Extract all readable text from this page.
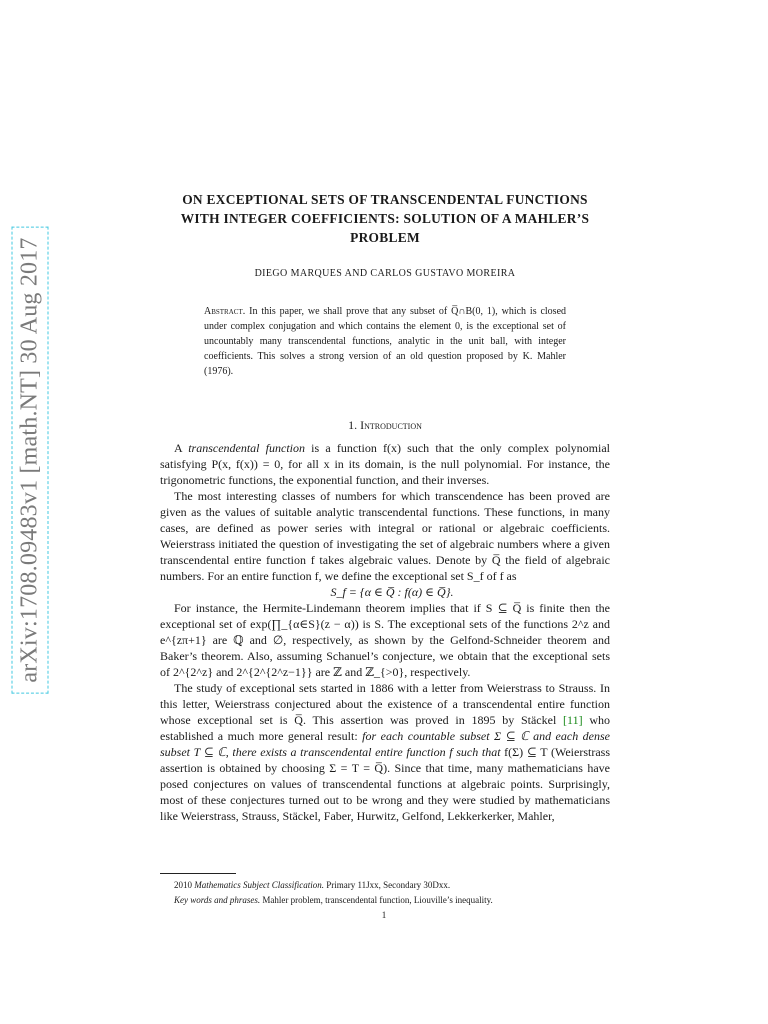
arXiv:1708.09483v1 [math.NT] 30 Aug 2017
ON EXCEPTIONAL SETS OF TRANSCENDENTAL FUNCTIONS
WITH INTEGER COEFFICIENTS: SOLUTION OF A MAHLER’S
PROBLEM
DIEGO MARQUES AND CARLOS GUSTAVO MOREIRA
Abstract. In this paper, we shall prove that any subset of Q̅∩B(0, 1), which is closed under complex conjugation and which contains the element 0, is the exceptional set of uncountably many transcendental functions, analytic in the unit ball, with integer coefficients. This solves a strong version of an old question proposed by K. Mahler (1976).
1. Introduction

A transcendental function is a function f(x) such that the only complex polynomial satisfying P(x, f(x)) = 0, for all x in its domain, is the null polynomial. For instance, the trigonometric functions, the exponential function, and their inverses.

The most interesting classes of numbers for which transcendence has been proved are given as the values of suitable analytic transcendental functions. These functions, in many cases, are defined as power series with integral or rational or algebraic coefficients. Weierstrass initiated the question of investigating the set of algebraic numbers where a given transcendental entire function f takes algebraic values. Denote by Q̅ the field of algebraic numbers. For an entire function f, we define the exceptional set S_f of f as

S_f = {α ∈ Q̅ : f(α) ∈ Q̅}.

For instance, the Hermite-Lindemann theorem implies that if S ⊆ Q̅ is finite then the exceptional set of exp(∏_{α∈S}(z − α)) is S. The exceptional sets of the functions 2^z and e^{zπ+1} are ℚ and ∅, respectively, as shown by the Gelfond-Schneider theorem and Baker’s theorem. Also, assuming Schanuel’s conjecture, we obtain that the exceptional sets of 2^{2^z} and 2^{2^{2^z−1}} are ℤ and ℤ_{>0}, respectively.

The study of exceptional sets started in 1886 with a letter from Weierstrass to Strauss. In this letter, Weierstrass conjectured about the existence of a transcendental entire function whose exceptional set is Q̅. This assertion was proved in 1895 by Stäckel [11] who established a much more general result: for each countable subset Σ ⊆ ℂ and each dense subset T ⊆ ℂ, there exists a transcendental entire function f such that f(Σ) ⊆ T (Weierstrass assertion is obtained by choosing Σ = T = Q̅). Since that time, many mathematicians have posed conjectures on values of transcendental functions at algebraic points. Surprisingly, most of these conjectures turned out to be wrong and they were studied by mathematicians like Weierstrass, Strauss, Stäckel, Faber, Hurwitz, Gelfond, Lekkerkerker, Mahler,

2010 Mathematics Subject Classification. Primary 11Jxx, Secondary 30Dxx.
Key words and phrases. Mahler problem, transcendental function, Liouville’s inequality.
1
